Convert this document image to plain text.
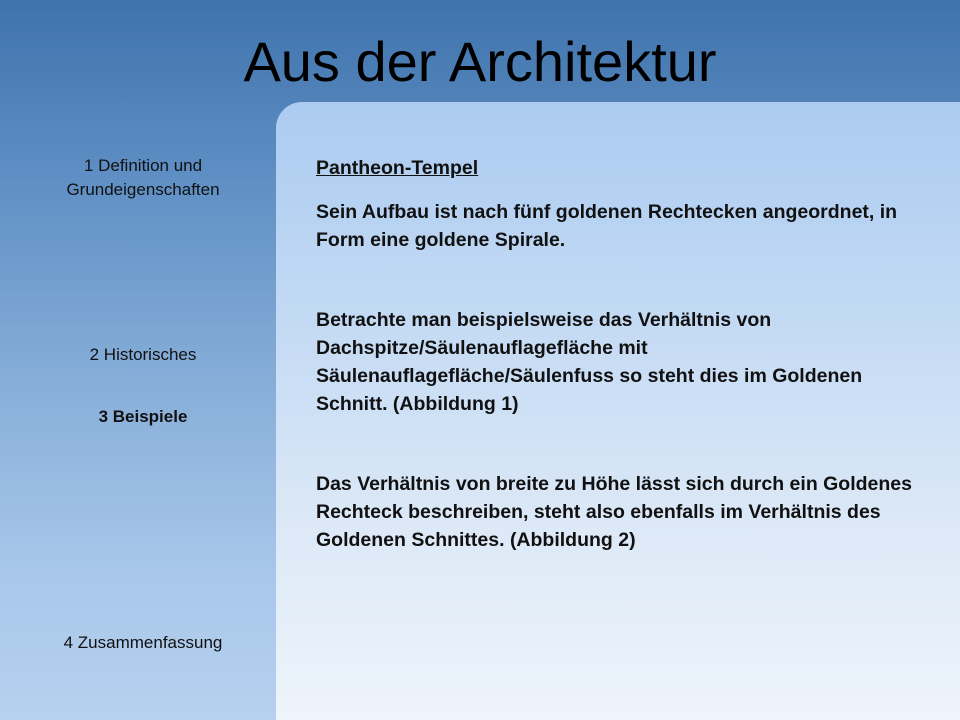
Aus der Architektur
1 Definition und Grundeigenschaften
2 Historisches
3 Beispiele
4 Zusammenfassung

Pantheon-Tempel

Sein Aufbau ist nach fünf goldenen Rechtecken angeordnet, in Form eine goldene Spirale.

Betrachte man beispielsweise das Verhältnis von Dachspitze/Säulenauflagefläche mit Säulenauflagefläche/Säulenfuss so steht dies im Goldenen Schnitt. (Abbildung 1)

Das Verhältnis von breite zu Höhe lässt sich durch ein Goldenes Rechteck beschreiben, steht also ebenfalls im Verhältnis des Goldenen Schnittes. (Abbildung 2)
